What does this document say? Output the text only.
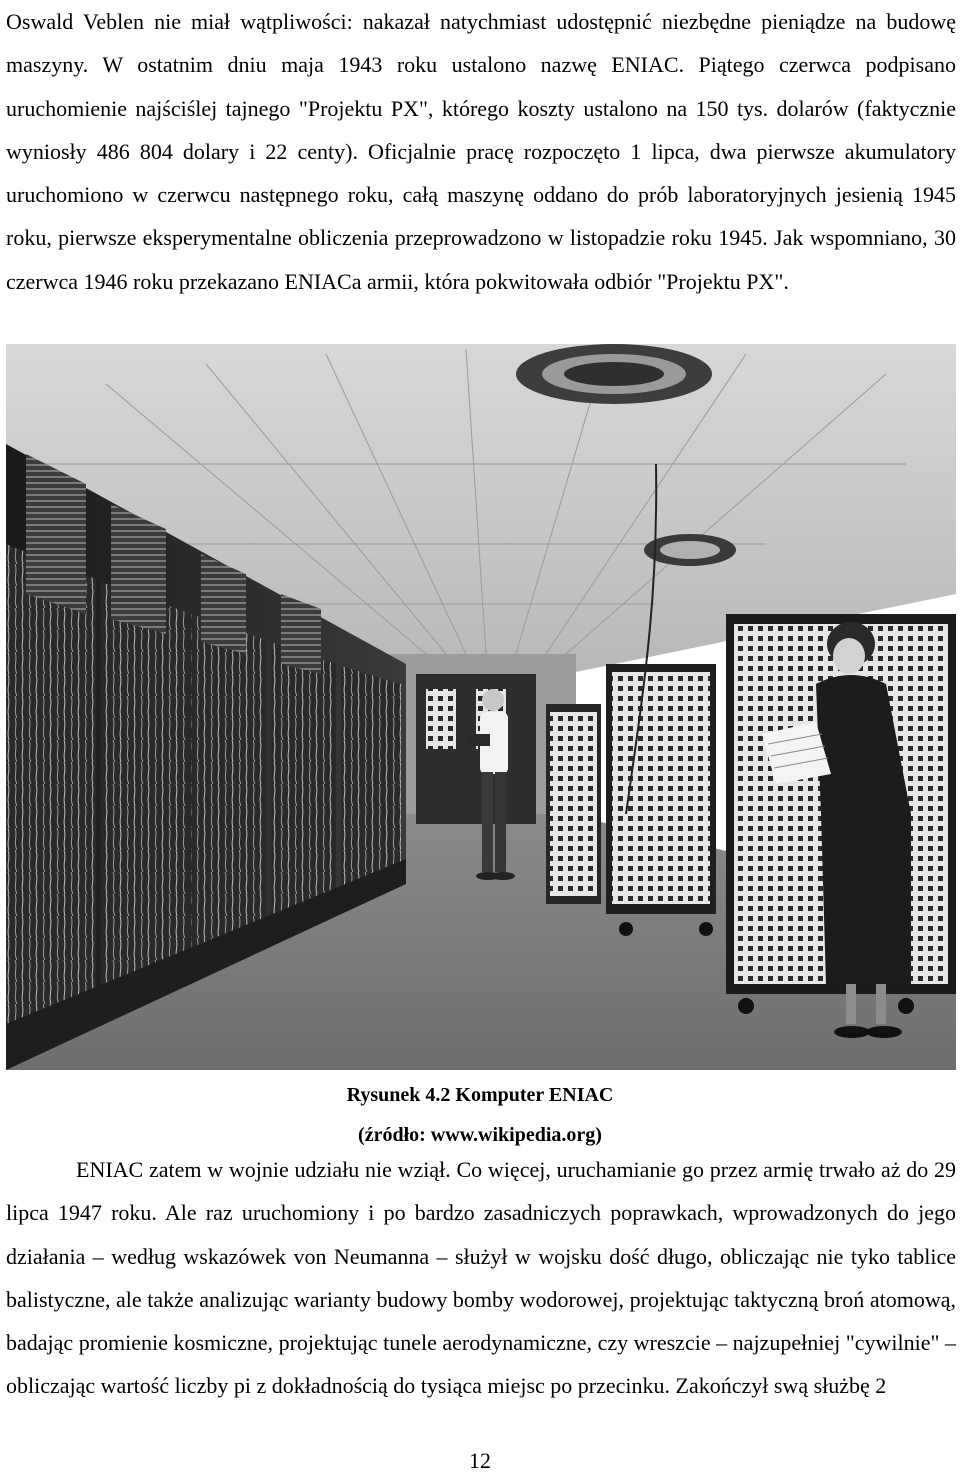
Oswald Veblen nie miał wątpliwości: nakazał natychmiast udostępnić niezbędne pieniądze na budowę maszyny. W ostatnim dniu maja 1943 roku ustalono nazwę ENIAC. Piątego czerwca podpisano uruchomienie najściślej tajnego "Projektu PX", którego koszty ustalono na 150 tys. dolarów (faktycznie wyniosły 486 804 dolary i 22 centy). Oficjalnie pracę rozpoczęto 1 lipca, dwa pierwsze akumulatory uruchomiono w czerwcu następnego roku, całą maszynę oddano do prób laboratoryjnych jesienią 1945 roku, pierwsze eksperymentalne obliczenia przeprowadzono w listopadzie roku 1945. Jak wspomniano, 30 czerwca 1946 roku przekazano ENIACa armii, która pokwitowała odbiór "Projektu PX".

Rysunek 4.2 Komputer ENIAC

(źródło: www.wikipedia.org)

ENIAC zatem w wojnie udziału nie wziął. Co więcej, uruchamianie go przez armię trwało aż do 29 lipca 1947 roku. Ale raz uruchomiony i po bardzo zasadniczych poprawkach, wprowadzonych do jego działania – według wskazówek von Neumanna – służył w wojsku dość długo, obliczając nie tyko tablice balistyczne, ale także analizując warianty budowy bomby wodorowej, projektując taktyczną broń atomową, badając promienie kosmiczne, projektując tunele aerodynamiczne, czy wreszcie – najzupełniej "cywilnie" – obliczając wartość liczby pi z dokładnością do tysiąca miejsc po przecinku. Zakończył swą służbę 2

12
